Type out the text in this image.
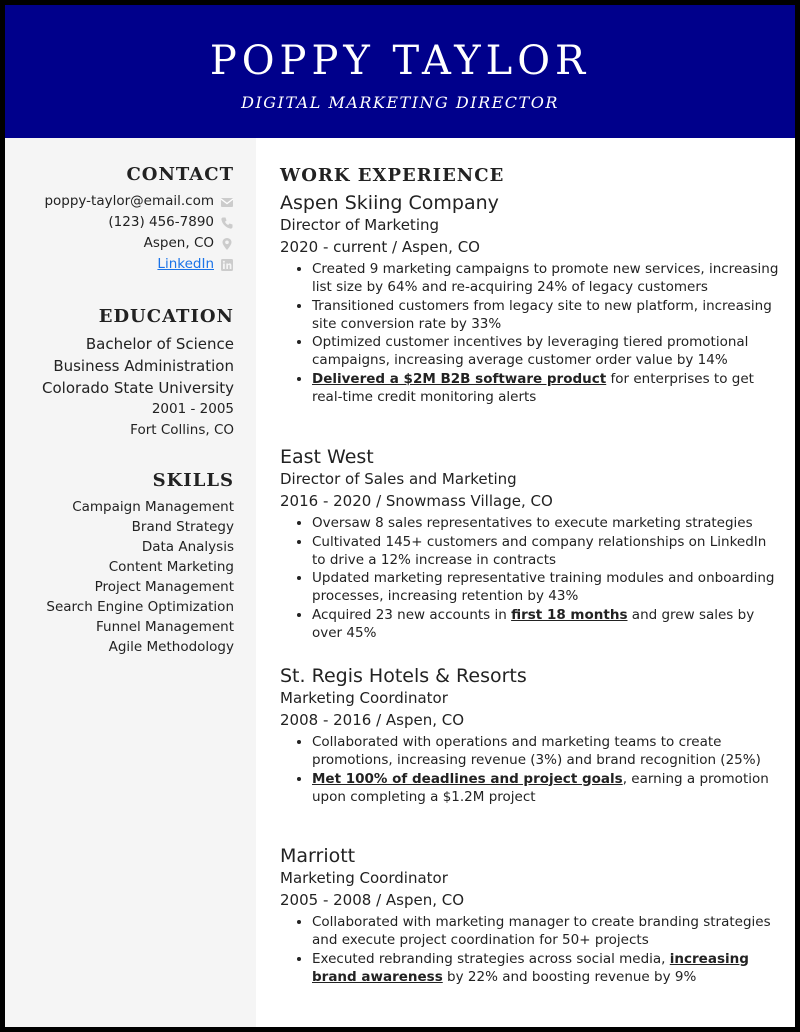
POPPY TAYLOR
DIGITAL MARKETING DIRECTOR
CONTACT
poppy-taylor@email.com
(123) 456-7890
Aspen, CO
LinkedIn
EDUCATION
Bachelor of Science
Business Administration
Colorado State University
2001 - 2005
Fort Collins, CO
SKILLS
Campaign Management
Brand Strategy
Data Analysis
Content Marketing
Project Management
Search Engine Optimization
Funnel Management
Agile Methodology
WORK EXPERIENCE
Aspen Skiing Company
Director of Marketing
2020 - current / Aspen, CO
• Created 9 marketing campaigns to promote new services, increasing list size by 64% and re-acquiring 24% of legacy customers
• Transitioned customers from legacy site to new platform, increasing site conversion rate by 33%
• Optimized customer incentives by leveraging tiered promotional campaigns, increasing average customer order value by 14%
• Delivered a $2M B2B software product for enterprises to get real-time credit monitoring alerts
East West
Director of Sales and Marketing
2016 - 2020 / Snowmass Village, CO
• Oversaw 8 sales representatives to execute marketing strategies
• Cultivated 145+ customers and company relationships on LinkedIn to drive a 12% increase in contracts
• Updated marketing representative training modules and onboarding processes, increasing retention by 43%
• Acquired 23 new accounts in first 18 months and grew sales by over 45%
St. Regis Hotels & Resorts
Marketing Coordinator
2008 - 2016 / Aspen, CO
• Collaborated with operations and marketing teams to create promotions, increasing revenue (3%) and brand recognition (25%)
• Met 100% of deadlines and project goals, earning a promotion upon completing a $1.2M project
Marriott
Marketing Coordinator
2005 - 2008 / Aspen, CO
• Collaborated with marketing manager to create branding strategies and execute project coordination for 50+ projects
• Executed rebranding strategies across social media, increasing brand awareness by 22% and boosting revenue by 9%
